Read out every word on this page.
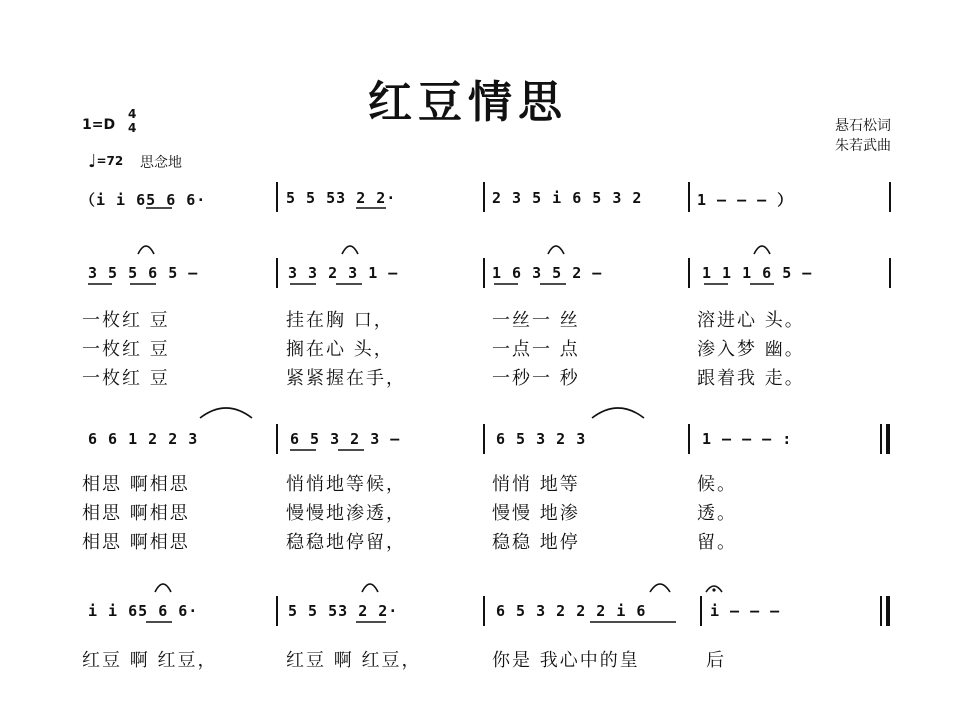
红豆情思	悬石松词
朱若武曲
1=D
4
4
♩=72 思念地
（i i 65 6 6·	5 5 53 2 2·	2 3 5 i 6 5 3 2	1 – – – ）
3 5 5 6 5 –	3 3 2 3 1 –	1 6 3 5 2 –	1 1 1 6 5 –
一枚红 豆	挂在胸 口，	一丝一 丝	溶进心 头。
一枚红 豆	搁在心 头，	一点一 点	渗入梦 幽。
一枚红 豆	紧紧握在手，	一秒一 秒	跟着我 走。
6 6 1 2 2 3	6 5 3 2 3 –	6 5 3 2 3	1 – – – :
相思 啊相思	悄悄地等候，	悄悄 地等	候。
相思 啊相思	慢慢地渗透，	慢慢 地渗	透。
相思 啊相思	稳稳地停留，	稳稳 地停	留。
i i 65 6 6·	5 5 53 2 2·	6 5 3 2 2 2 i 6	i – – –
红豆 啊 红豆，	红豆 啊 红豆，	你是 我心中的皇	后
